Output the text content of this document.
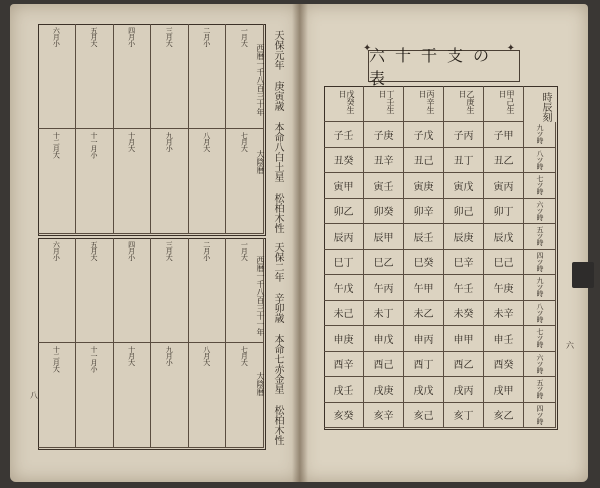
一月大
二月小
三月大
四月小
五月大
六月小
七月大
八月大
九月小
十月大
十一月小
十二月大
一月大
二月小
三月大
四月小
五月大
六月小
七月大
八月大
九月小
十月大
十一月小
十二月大
天保元年 庚寅歳 本命八白土星 松柏木性
西暦一千八百三十年
大陰暦
天保二年 辛卯歳 本命七赤金星 松柏木性
西暦一千八百三十一年
大陰暦
八
✦ 六十干支の表 ✦
甲己生日
子甲
丑乙
寅丙
卯丁
辰戊
巳己
午庚
未辛
申壬
酉癸
戌甲
亥乙
乙庚生日
子丙
丑丁
寅戊
卯己
辰庚
巳辛
午壬
未癸
申甲
酉乙
戌丙
亥丁
丙辛生日
子戊
丑己
寅庚
卯辛
辰壬
巳癸
午甲
未乙
申丙
酉丁
戌戊
亥己
丁壬生日
子庚
丑辛
寅壬
卯癸
辰甲
巳乙
午丙
未丁
申戊
酉己
戌庚
亥辛
戊癸生日
子壬
丑癸
寅甲
卯乙
辰丙
巳丁
午戊
未己
申庚
酉辛
戌壬
亥癸
九ツ時
八ツ時
七ツ時
六ツ時
五ツ時
四ツ時
九ツ時
八ツ時
七ツ時
六ツ時
五ツ時
四ツ時
時辰刻
六
